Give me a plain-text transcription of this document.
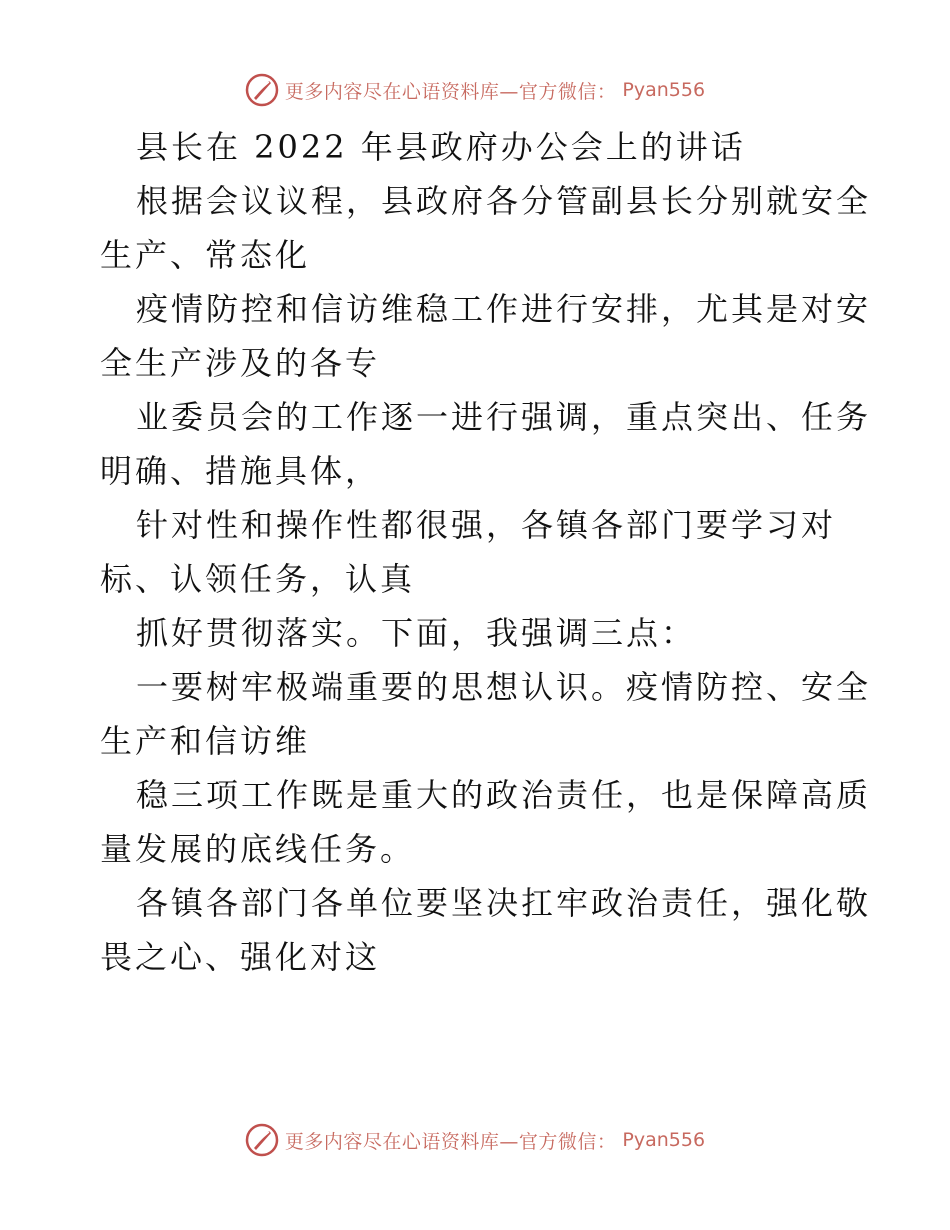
更多内容尽在心语资料库—官方微信： Pyan556
县长在 2022 年县政府办公会上的讲话
根据会议议程，县政府各分管副县长分别就安全
生产、常态化
疫情防控和信访维稳工作进行安排，尤其是对安
全生产涉及的各专
业委员会的工作逐一进行强调，重点突出、任务
明确、措施具体，
针对性和操作性都很强，各镇各部门要学习对
标、认领任务，认真
抓好贯彻落实。下面，我强调三点：
一要树牢极端重要的思想认识。疫情防控、安全
生产和信访维
稳三项工作既是重大的政治责任，也是保障高质
量发展的底线任务。
各镇各部门各单位要坚决扛牢政治责任，强化敬
畏之心、强化对这
更多内容尽在心语资料库—官方微信： Pyan556
